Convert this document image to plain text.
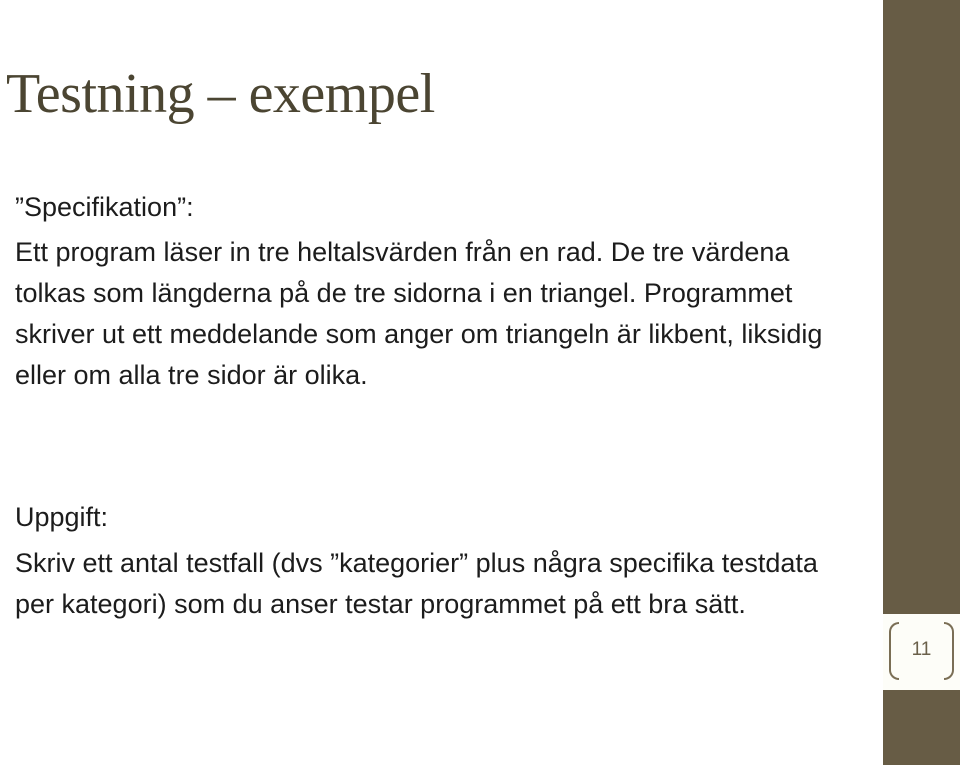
Testning – exempel

”Specifikation”:

Ett program läser in tre heltalsvärden från en rad. De tre värdena tolkas som längderna på de tre sidorna i en triangel. Programmet skriver ut ett meddelande som anger om triangeln är likbent, liksidig eller om alla tre sidor är olika.

Uppgift:

Skriv ett antal testfall (dvs ”kategorier” plus några specifika testdata per kategori) som du anser testar programmet på ett bra sätt.

11
